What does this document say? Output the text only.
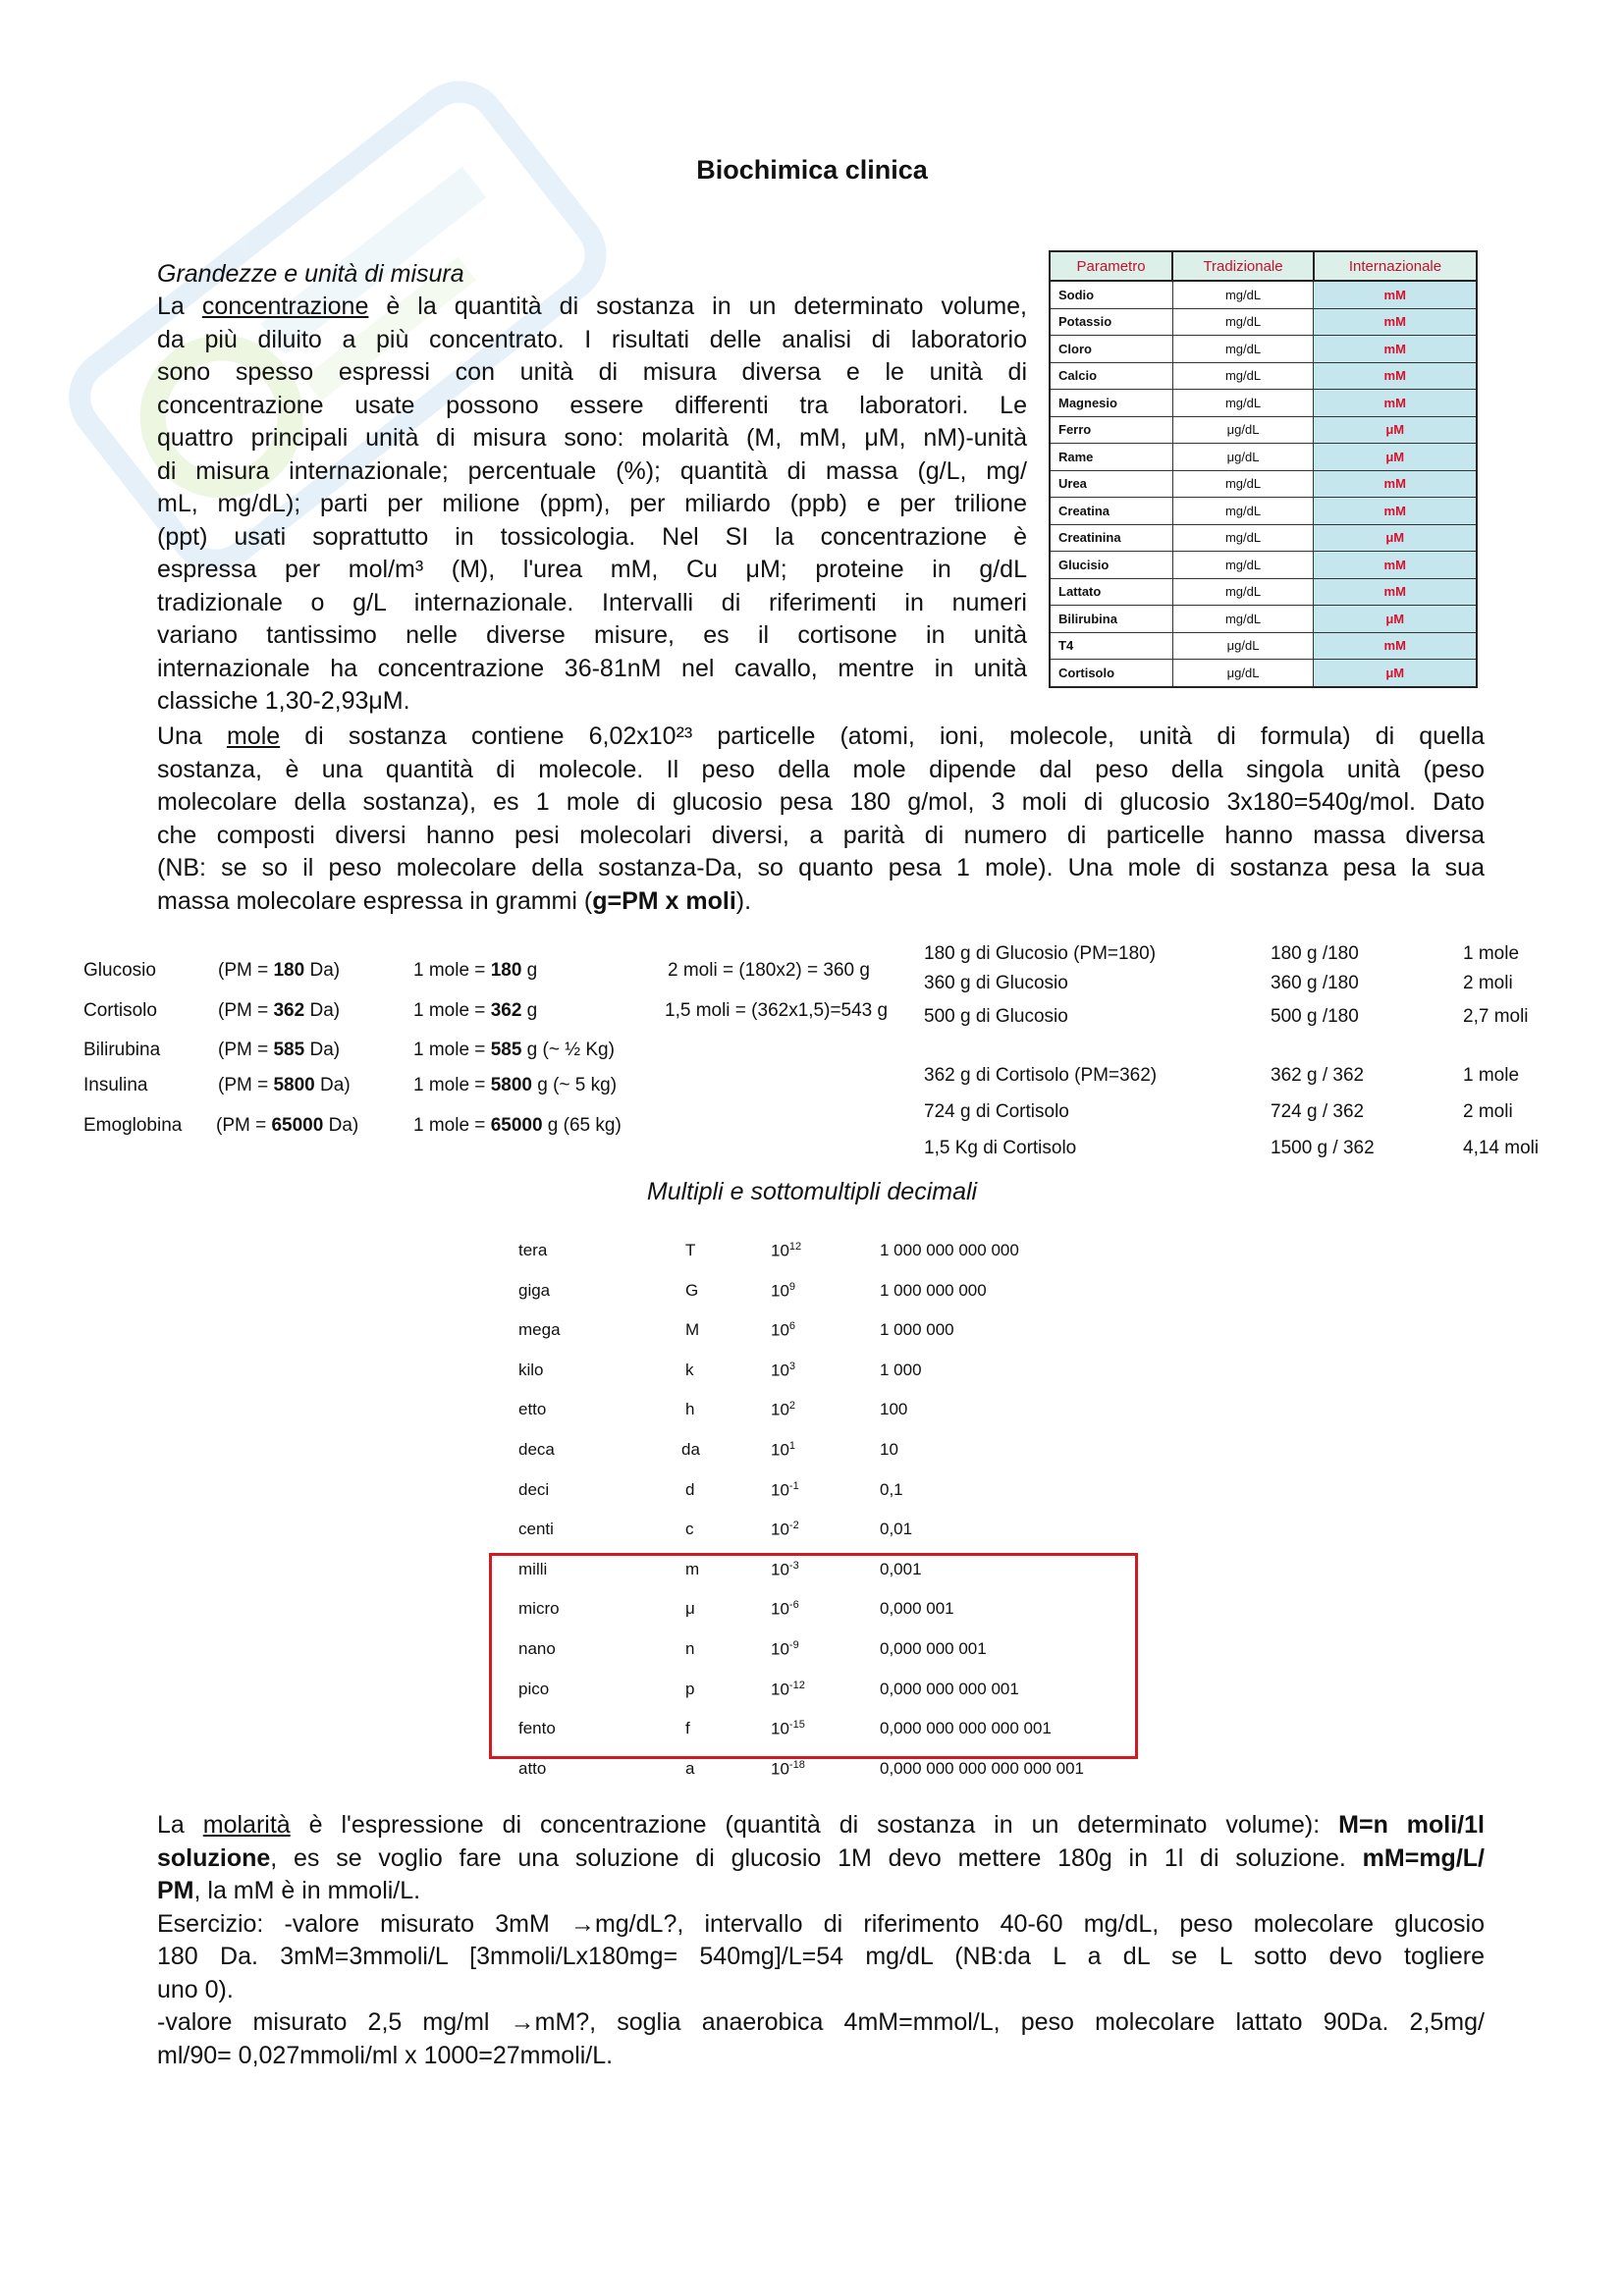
Biochimica clinica
Grandezze e unità di misura
La concentrazione è la quantità di sostanza in un determinato volume,
da più diluito a più concentrato. I risultati delle analisi di laboratorio
sono spesso espressi con unità di misura diversa e le unità di
concentrazione usate possono essere differenti tra laboratori. Le
quattro principali unità di misura sono: molarità (M, mM, μM, nM)-unità
di misura internazionale; percentuale (%); quantità di massa (g/L, mg/
mL, mg/dL); parti per milione (ppm), per miliardo (ppb) e per trilione
(ppt) usati soprattutto in tossicologia. Nel SI la concentrazione è
espressa per mol/m³ (M), l'urea mM, Cu μM; proteine in g/dL
tradizionale o g/L internazionale. Intervalli di riferimenti in numeri
variano tantissimo nelle diverse misure, es il cortisone in unità
internazionale ha concentrazione 36-81nM nel cavallo, mentre in unità
classiche 1,30-2,93μM.
Parametro	Tradizionale	Internazionale
Sodio	mg/dL	mM
Potassio	mg/dL	mM
Cloro	mg/dL	mM
Calcio	mg/dL	mM
Magnesio	mg/dL	mM
Ferro	μg/dL	μM
Rame	μg/dL	μM
Urea	mg/dL	mM
Creatina	mg/dL	mM
Creatinina	mg/dL	μM
Glucisio	mg/dL	mM
Lattato	mg/dL	mM
Bilirubina	mg/dL	μM
T4	μg/dL	mM
Cortisolo	μg/dL	μM
Una mole di sostanza contiene 6,02x10²³ particelle (atomi, ioni, molecole, unità di formula) di quella
sostanza, è una quantità di molecole. Il peso della mole dipende dal peso della singola unità (peso
molecolare della sostanza), es 1 mole di glucosio pesa 180 g/mol, 3 moli di glucosio 3x180=540g/mol. Dato
che composti diversi hanno pesi molecolari diversi, a parità di numero di particelle hanno massa diversa
(NB: se so il peso molecolare della sostanza-Da, so quanto pesa 1 mole). Una mole di sostanza pesa la sua
massa molecolare espressa in grammi (g=PM x moli).
Glucosio	(PM = 180 Da)	1 mole = 180 g	2 moli = (180x2) = 360 g
Cortisolo	(PM = 362 Da)	1 mole = 362 g	1,5 moli = (362x1,5)=543 g
Bilirubina	(PM = 585 Da)	1 mole = 585 g (~ ½ Kg)
Insulina	(PM = 5800 Da)	1 mole = 5800 g (~ 5 kg)
Emoglobina (PM = 65000 Da)	1 mole = 65000 g (65 kg)
180 g di Glucosio (PM=180)	180 g /180	1 mole
360 g di Glucosio	360 g /180	2 moli
500 g di Glucosio	500 g /180	2,7 moli
362 g di Cortisolo (PM=362)	362 g / 362	1 mole
724 g di Cortisolo	724 g / 362	2 moli
1,5 Kg di Cortisolo	1500 g / 362	4,14 moli
Multipli e sottomultipli decimali
tera	T	$10^{12}$	1 000 000 000 000
giga	G	$10^9$	1 000 000 000
mega	M	$10^6$	1 000 000
kilo	k	$10^3$	1 000
etto	h	$10^2$	100
deca	da	$10^1$	10
deci	d	$10^{-1}$	0,1
centi	c	$10^{-2}$	0,01
milli	m	$10^{-3}$	0,001
micro	μ	$10^{-6}$	0,000 001
nano	n	$10^{-9}$	0,000 000 001
pico	p	$10^{-12}$	0,000 000 000 001
fento	f	$10^{-15}$	0,000 000 000 000 001
atto	a	$10^{-18}$	0,000 000 000 000 000 001
La molarità è l'espressione di concentrazione (quantità di sostanza in un determinato volume): M=n moli/1l
soluzione, es se voglio fare una soluzione di glucosio 1M devo mettere 180g in 1l di soluzione. mM=mg/L/
PM, la mM è in mmoli/L.
Esercizio: -valore misurato 3mM →mg/dL?, intervallo di riferimento 40-60 mg/dL, peso molecolare glucosio
180 Da. 3mM=3mmoli/L [3mmoli/Lx180mg= 540mg]/L=54 mg/dL (NB:da L a dL se L sotto devo togliere
uno 0).
-valore misurato 2,5 mg/ml →mM?, soglia anaerobica 4mM=mmol/L, peso molecolare lattato 90Da. 2,5mg/
ml/90= 0,027mmoli/ml x 1000=27mmoli/L.
